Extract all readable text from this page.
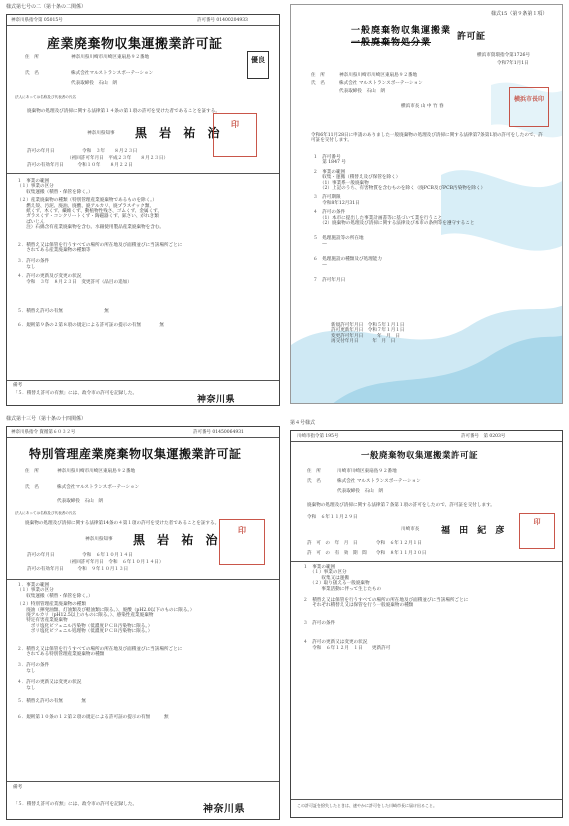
様式第七号の二（第十条の二関係）
神奈川県指令第 05015号	許可番号 01400204933
産業廃棄物収集運搬業許可証
優良
住　所	神奈川県川崎市川崎区東扇島９２番地
氏　名	株式会社マルストランスポーテーション
代表取締役　石山　朗
法人にあっては名称及び代表者の氏名
廃棄物の処理及び清掃に関する法律第１４条の第１項の許可を受けた者であることを証する。
神奈川県知事 黒 岩 祐 治
印
許可の年月日　　　　　　令和　３年　　８月２３日
（初回許可年月日　平成２３年　　８月２３日）
許可の有効年月日　　　令和１０年　　８月２２日
１　事業の範囲
（１）事業の区分
　　収集運搬（積替・保管を除く。）
（２）産業廃棄物の種類（特別管理産業廃棄物であるものを除く。）
　　燃え殻、汚泥、廃油、廃酸、廃アルカリ、廃プラスチック類、
　　紙くず、木くず、繊維くず、動植物性残さ、ゴムくず、金属くず、
　　ガラスくず・コンクリートくず・陶磁器くず、鉱さい、がれき類
　　ばいじん
　　注）石綿含有産業廃棄物を含む。水銀使用製品産業廃棄物を含む。
２．積替え又は保管を行うすべての場所の所在地及び面積並びに当該場所ごとに
　　されてある産業廃棄物の種類等
３．許可の条件
　　なし
４．許可の更新及び変更の状況
　　令和　３年　８月２３日　変更許可（品目の追加）
５．積替え許可の有無　　　　　　　　　無
６．規則第９条の２第８項の規定による許可証の提示の有無　　　　無
備考
「５．積替え許可の有無」には、政令市の許可を記録した。
神奈川県
様式15（第９条第１項）
一般廃棄物収集運搬業
一般廃棄物処分業
許可証
横浜市資環指令第1726号
令和7年1月1日
住　所	神奈川県川崎市川崎区東扇島９２番地
氏　名	株式会社 マルストランスポーテーション
代表取締役　石山　朗
横浜市長 山 中 竹 春
横浜市長印
令和6年11月28日に申請のありました一般廃棄物の処理及び清掃に関する法律第7条第1項の許可をしたので、許可証を交付します。
１　許可番号
　　第 1847 号
２　事業の範囲
　　収集・運搬（積替え及び保管を除く）
　　（1）事業系一般廃棄物
　　（2）上記のうち、有害物質を含むものを除く（廃PCB及びPCB汚染物を除く）
３　許可期限
　　令和8年12月31日
４　許可の条件
　　（1）本市に提出した事業計画書等に基づいて業を行うこと
　　（2）廃棄物の処理及び清掃に関する法律及び本市の条例等を遵守すること
５　処理施設等の所在地
　　―
６　処理施設の種類及び処理能力
　　―
７　許可年月日
新規許可年月日　令和５年１月１日
許可更新年月日　令和７年１月１日
変更許可年月日　　　年　月　日
再交付年月日　　　年　月　日
様式第十三号（第十条の十四関係）
神奈川県指令 資循第６０３２号	許可番号 01450064931
特別管理産業廃棄物収集運搬業許可証
住　所	神奈川県川崎市川崎区東扇島９２番地
氏　名	株式会社マルストランスポーテーション
代表取締役　石山　朗
法人にあっては名称及び代表者の氏名
廃棄物の処理及び清掃に関する法律第14条の４第１項の許可を受けた者であることを証する。
神奈川県知事 黒 岩 祐 治
印
許可の年月日　　　　　　令和　６年１０月１４日
（初回許可年月日　令和　６年１０月１４日）
許可の有効年月日　　　令和　９年１０月１３日
１．事業の範囲
（１）事業の区分
　　収集運搬（積替・保管を除く。）
（２）特別管理産業廃棄物の種類
　　廃油（揮発油類、灯油類及び軽油類に限る。）、廃酸（pH2.0以下のものに限る。）
　　廃アルカリ（pH12.5以上のものに限る。）、感染性産業廃棄物
　　特定有害産業廃棄物
　　　ポリ塩化ビフェニル汚染物（低濃度ＰＣＢ汚染物に限る。）
　　　ポリ塩化ビフェニル処理物（低濃度ＰＣＢ汚染物に限る。）
２．積替え又は保管を行うすべての場所の所在地及び面積並びに当該場所ごとに
　　されてある特別管理産業廃棄物の種類
３．許可の条件
　　なし
４．許可の更新又は変更の状況
　　なし
５．積替え許可の有無　　　　無
６．規則第１０条の１２第２項の規定による許可証の提示の有無　　　無
備考
「５．積替え許可の有無」には、政令市の許可を記録した。	神奈川県
第４号様式
川崎市指令第 195号	許可番号　第 0203号
一般廃棄物収集運搬業許可証
住　所	川崎市川崎区東扇島９２番地
氏　名	株式会社 マルストランスポーテーション
代表取締役　石山　朗
廃棄物の処理及び清掃に関する法律第７条第１項の許可をしたので、許可証を交付します。
令和　６年１１月２９日
川崎市長 福 田 紀 彦
印
許　可　の　年　月　日　　　　令和　６年１２月１日
許　可　の　有　効　期　間　　令和　８年１１月３０日
１　事業の範囲
　　（１）事業の区分
　　　　収集又は運搬
　　（２）取り扱える一般廃棄物
　　　　事業活動に伴って生じたもの
２　積替え又は保管を行うすべての場所の所在地及び面積並びに当該場所ごとに
　　それぞれ積替え又は保管を行う一般廃棄物の種類
３　許可の条件
４　許可の更新又は変更の状況
　　令和　６年１２月　１日　　更新許可
この許可証を紛失したときは、速やかに許可をした川崎市長に届け出ること。
